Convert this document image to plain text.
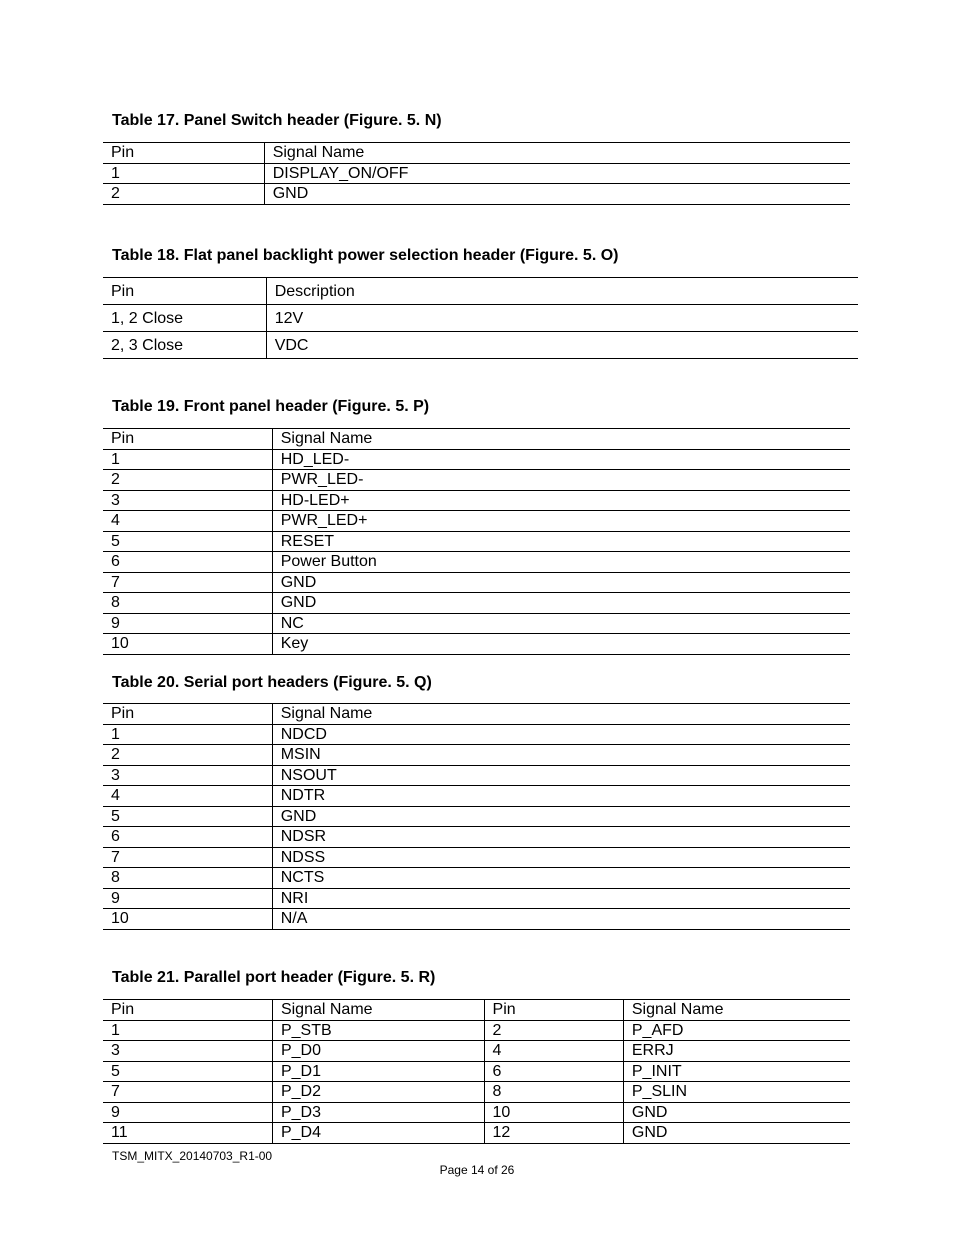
Table 17. Panel Switch header (Figure. 5. N)

Pin	Signal Name
1	DISPLAY_ON/OFF
2	GND

Table 18. Flat panel backlight power selection header (Figure. 5. O)

Pin	Description
1, 2 Close	12V
2, 3 Close	VDC

Table 19. Front panel header (Figure. 5. P)

Pin	Signal Name
1	HD_LED-
2	PWR_LED-
3	HD-LED+
4	PWR_LED+
5	RESET
6	Power Button
7	GND
8	GND
9	NC
10	Key

Table 20. Serial port headers (Figure. 5. Q)

Pin	Signal Name
1	NDCD
2	MSIN
3	NSOUT
4	NDTR
5	GND
6	NDSR
7	NDSS
8	NCTS
9	NRI
10	N/A

Table 21. Parallel port header (Figure. 5. R)

Pin	Signal Name	Pin	Signal Name
1	P_STB	2	P_AFD
3	P_D0	4	ERRJ
5	P_D1	6	P_INIT
7	P_D2	8	P_SLIN
9	P_D3	10	GND
11	P_D4	12	GND
TSM_MITX_20140703_R1-00
Page 14 of 26
